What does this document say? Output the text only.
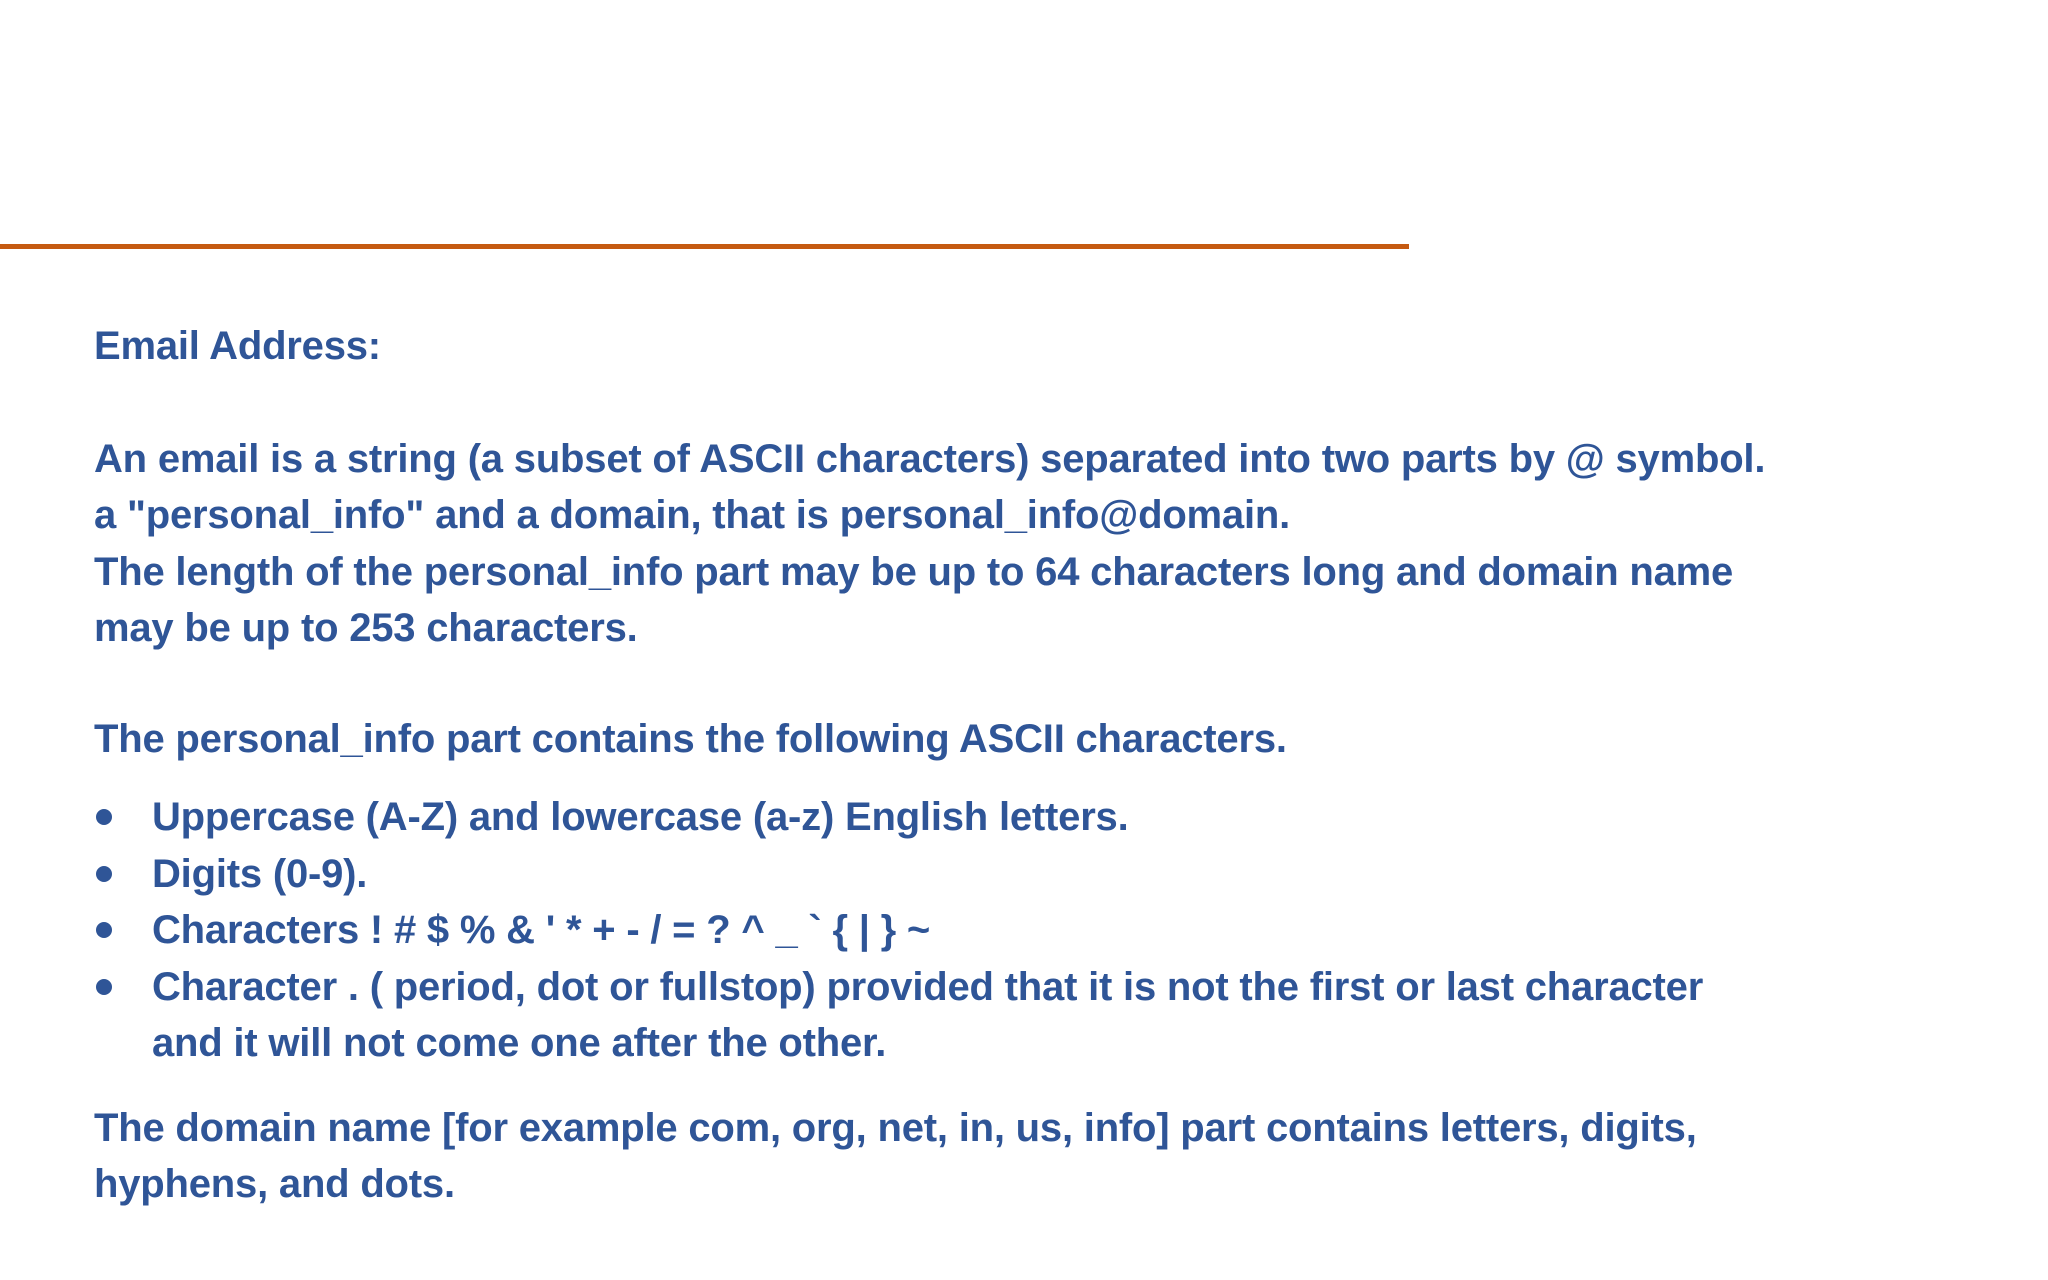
Email Address:

An email is a string (a subset of ASCII characters) separated into two parts by @ symbol.
a "personal_info" and a domain, that is personal_info@domain.
The length of the personal_info part may be up to 64 characters long and domain name
may be up to 253 characters.

The personal_info part contains the following ASCII characters.

Uppercase (A-Z) and lowercase (a-z) English letters.
Digits (0-9).
Characters ! # $ % & ' * + - / = ? ^ _ ` { | } ~
Character . ( period, dot or fullstop) provided that it is not the first or last character
and it will not come one after the other.
The domain name [for example com, org, net, in, us, info] part contains letters, digits,
hyphens, and dots.
